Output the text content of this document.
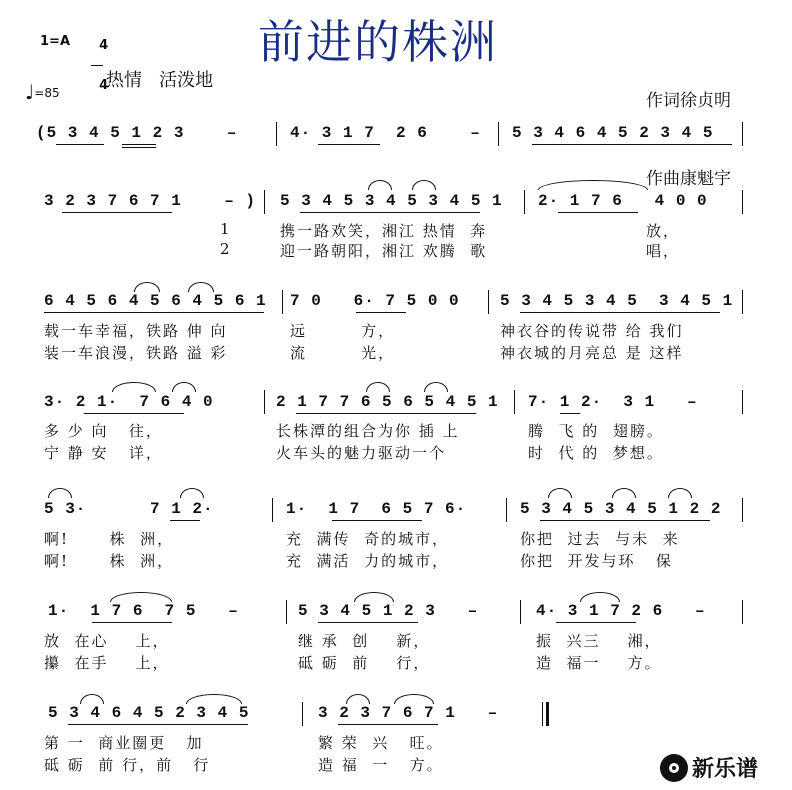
前进的株洲
1=A	4

4

♩=85

热情   活泼地

作词徐贞明

作曲康魁宇

(5 3 4 5 1 2 3    –	4· 3 1 7  2 6    – 5 3 4 6 4 5 2 3 4 5
3 2 3 7 6 7 1    – ) 5 3 4 5 3 4 5 3 4 5 1 2· 1 7 6   4 0 0
1	携一路欢笑，湘江 热情  奔	放，
2	迎一路朝阳，湘江 欢腾  歌	唱，
6 4 5 6 4 5 6 4 5 6 1 7 0   6· 7 5 0 0	5 3 4 5 3 4 5  3 4 5 1
载一车幸福，铁路 伸 向	远        方，	神衣谷的传说带 给 我们
装一车浪漫，铁路 溢 彩	流        光，	神衣城的月亮总 是 这样
3· 2 1·  7 6 4 0	2 1 7 7 6 5 6 5 4 5 1 7· 1 2·  3 1   –
多 少 向   往，	长株潭的组合为你 插 上	腾  飞 的  翅膀。
宁 静 安   详，	火车头的魅力驱动一个	时  代 的  梦想。
5 3·      7 1 2·	1·  1 7  6 5 7 6·	5 3 4 5 3 4 5 1 2 2
啊!      株  洲，	充  满传  奇的城市，	你把  过去  与未  来
啊!      株  洲，	充  满活  力的城市，	你把  开发与环   保
1·  1 7 6  7 5   –	5 3 4 5 1 2 3   –	4· 3 1 7 2 6   –
放  在心    上，	继 承  创    新，	振  兴三    湘，
攥  在手    上，	砥 砺  前    行，	造  福一    方。
5 3 4 6 4 5 2 3 4 5	3 2 3 7 6 7 1   –
第 一  商业圈更   加	繁 荣  兴   旺。
砥 砺  前 行，前   行	造 福  一   方。	新乐谱
